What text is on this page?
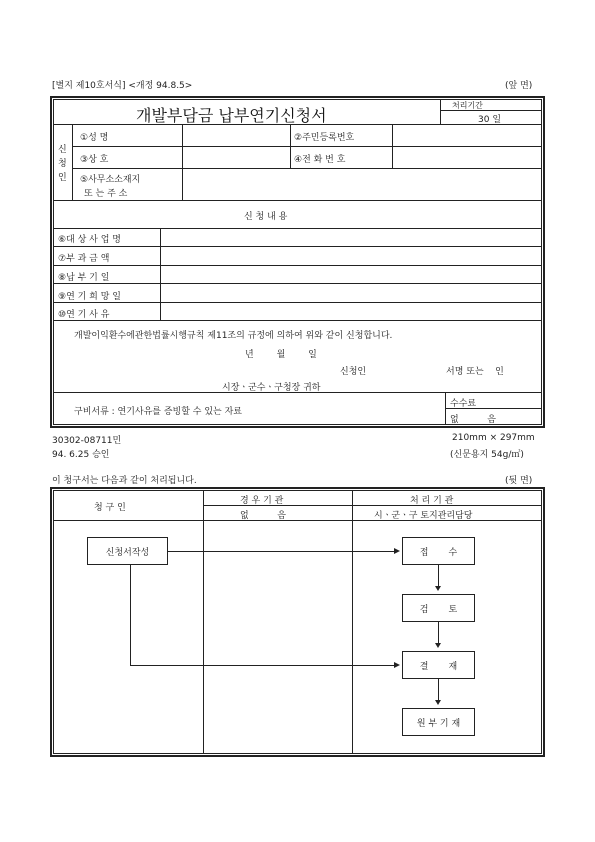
[별지 제10호서식] <개정 94.8.5>	(앞 면)
개발부담금 납부연기신청서
처리기간
30 일
신
청
인
①성 명	②주민등록번호
③상 호	④전 화 번 호
⑤사무소소재지
또 는 주 소
신 청 내 용
⑥대 상 사 업 명
⑦부 과 금 액
⑧납 부 기 일
⑨연 기 희 망 일
⑩연 기 사 유
개발이익환수에관한법률시행규칙 제11조의 규정에 의하여 위와 같이 신청합니다.
년        월        일
신청인	서명 또는    인
시장ㆍ군수ㆍ구청장 귀하
구비서류 : 연기사유를 증빙할 수 있는 자료
수수료
없          음
30302-08711민
94. 6.25 승인
210mm × 297mm
(신문용지 54g/㎡)
이 청구서는 다음과 같이 처리됩니다.	(뒷 면)
청 구 인
경 우 기 관
없          음
처 리 기 관
시ㆍ군ㆍ구 토지관리담당
신청서작성	접       수
검       토
결       재
원 부 기 재
